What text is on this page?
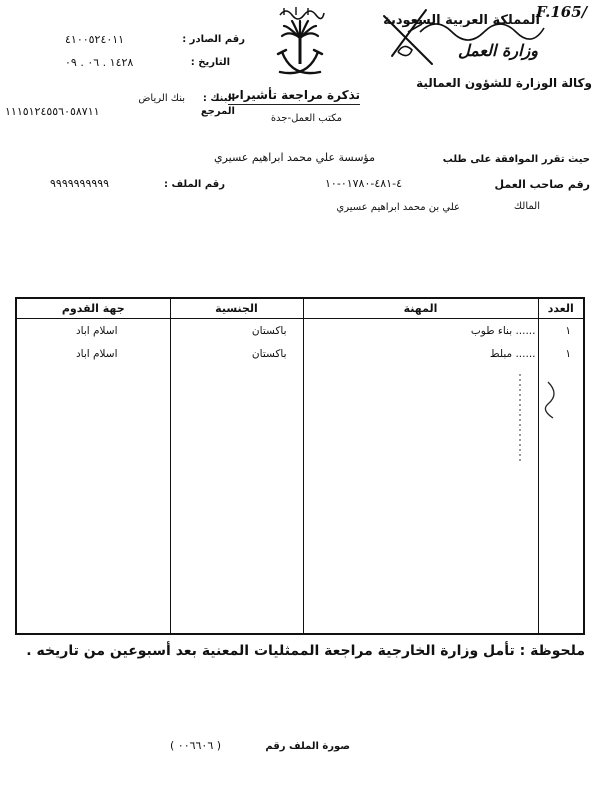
F.165/
المملكة العربية السعودية
وزارة العمل
وكالة الوزارة للشؤون العمالية
تذكرة مراجعة تأشيرات
مكتب العمل-جدة
رقم الصادر :
٤١٠٠٥٢٤٠١١
التاريخ :
١٤٢٨ . ٠٦ . ٠٩
البنك :
بنك الرياض
المرجع
١١١٥١٢٤٥٥٦٠٥٨٧١١
حيث تقرر الموافقة على طلب
مؤسسة علي محمد ابراهيم عسيري
رقم صاحب العمل
٤-٤٨١-٠١٧٨٠-١٠
رقم الملف :
٩٩٩٩٩٩٩٩٩٩
المالك
علي بن محمد ابراهيم عسيري
العدد	المهنة	الجنسية	جهة القدوم
١	...... بناء طوب	باكستان	اسلام اباد
١	...... مبلط	باكستان	اسلام اباد

ملحوظة : تأمل وزارة الخارجية مراجعة الممثليات المعنية بعد أسبوعين من تاريخه .
صورة الملف رقم
( ٠٠٦٦٠٦ )
